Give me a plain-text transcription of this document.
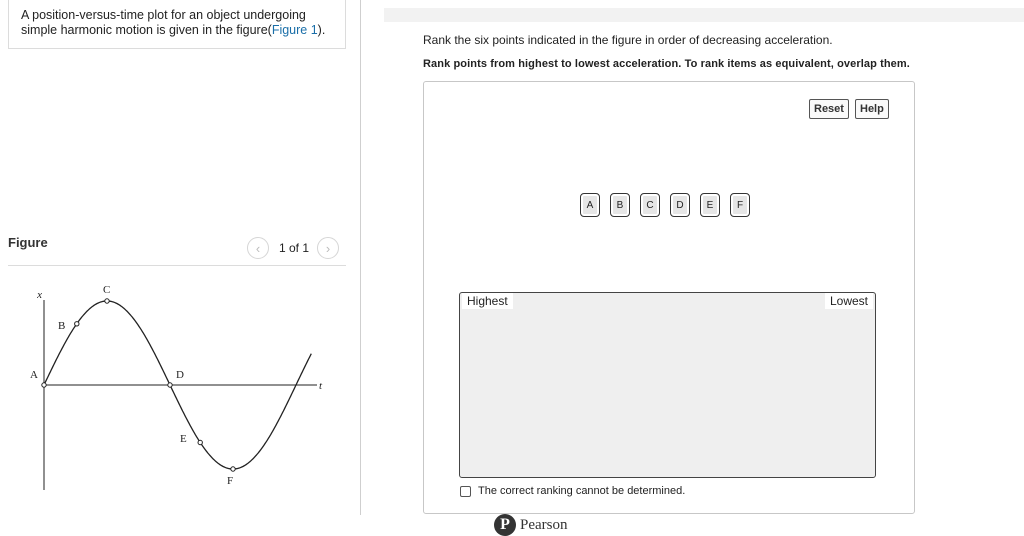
A position-versus-time plot for an object undergoing simple harmonic motion is given in the figure(Figure 1).
Figure	‹	1 of 1	›
x
t
A
B
C
D
E
F
Rank the six points indicated in the figure in order of decreasing acceleration.
Rank points from highest to lowest acceleration. To rank items as equivalent, overlap them.
Reset	Help
A	B	C	D	E	F
Highest	Lowest
The correct ranking cannot be determined.
P Pearson
